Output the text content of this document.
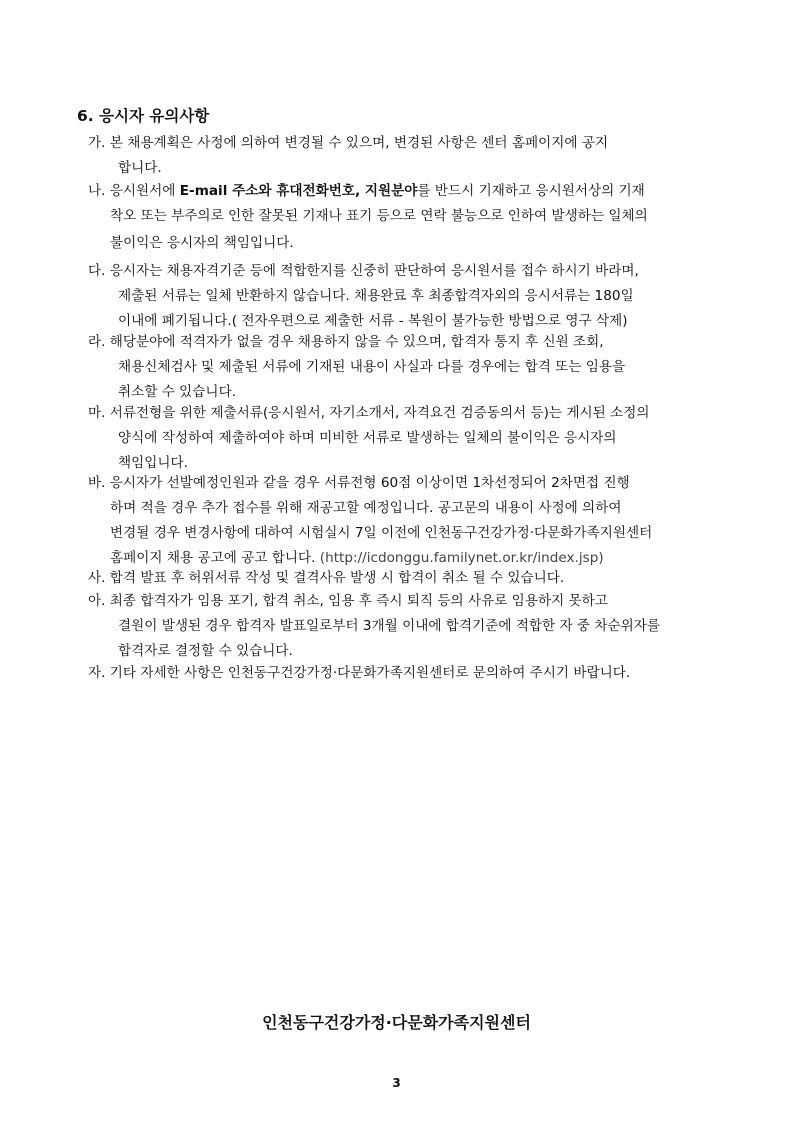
6. 응시자 유의사항
가. 본 채용계획은 사정에 의하여 변경될 수 있으며, 변경된 사항은 센터 홈페이지에 공지
합니다.
나. 응시원서에 E-mail 주소와 휴대전화번호, 지원분야를 반드시 기재하고 응시원서상의 기재
착오 또는 부주의로 인한 잘못된 기재나 표기 등으로 연락 불능으로 인하여 발생하는 일체의
불이익은 응시자의 책임입니다.
다. 응시자는 채용자격기준 등에 적합한지를 신중히 판단하여 응시원서를 접수 하시기 바라며,
제출된 서류는 일체 반환하지 않습니다. 채용완료 후 최종합격자외의 응시서류는 180일
이내에 폐기됩니다.( 전자우편으로 제출한 서류 - 복원이 불가능한 방법으로 영구 삭제)
라. 해당분야에 적격자가 없을 경우 채용하지 않을 수 있으며, 합격자 통지 후 신원 조회,
채용신체검사 및 제출된 서류에 기재된 내용이 사실과 다를 경우에는 합격 또는 임용을
취소할 수 있습니다.
마. 서류전형을 위한 제출서류(응시원서, 자기소개서, 자격요건 검증동의서 등)는 게시된 소정의
양식에 작성하여 제출하여야 하며 미비한 서류로 발생하는 일체의 불이익은 응시자의
책임입니다.
바. 응시자가 선발예정인원과 같을 경우 서류전형 60점 이상이면 1차선정되어 2차면접 진행
하며 적을 경우 추가 접수를 위해 재공고할 예정입니다. 공고문의 내용이 사정에 의하여
변경될 경우 변경사항에 대하여 시험실시 7일 이전에 인천동구건강가정·다문화가족지원센터
홈페이지 채용 공고에 공고 합니다. (http://icdonggu.familynet.or.kr/index.jsp)
사. 합격 발표 후 허위서류 작성 및 결격사유 발생 시 합격이 취소 될 수 있습니다.
아. 최종 합격자가 임용 포기, 합격 취소, 임용 후 즉시 퇴직 등의 사유로 임용하지 못하고
결원이 발생된 경우 합격자 발표일로부터 3개월 이내에 합격기준에 적합한 자 중 차순위자를
합격자로 결정할 수 있습니다.
자. 기타 자세한 사항은 인천동구건강가정·다문화가족지원센터로 문의하여 주시기 바랍니다.
인천동구건강가정·다문화가족지원센터
3
